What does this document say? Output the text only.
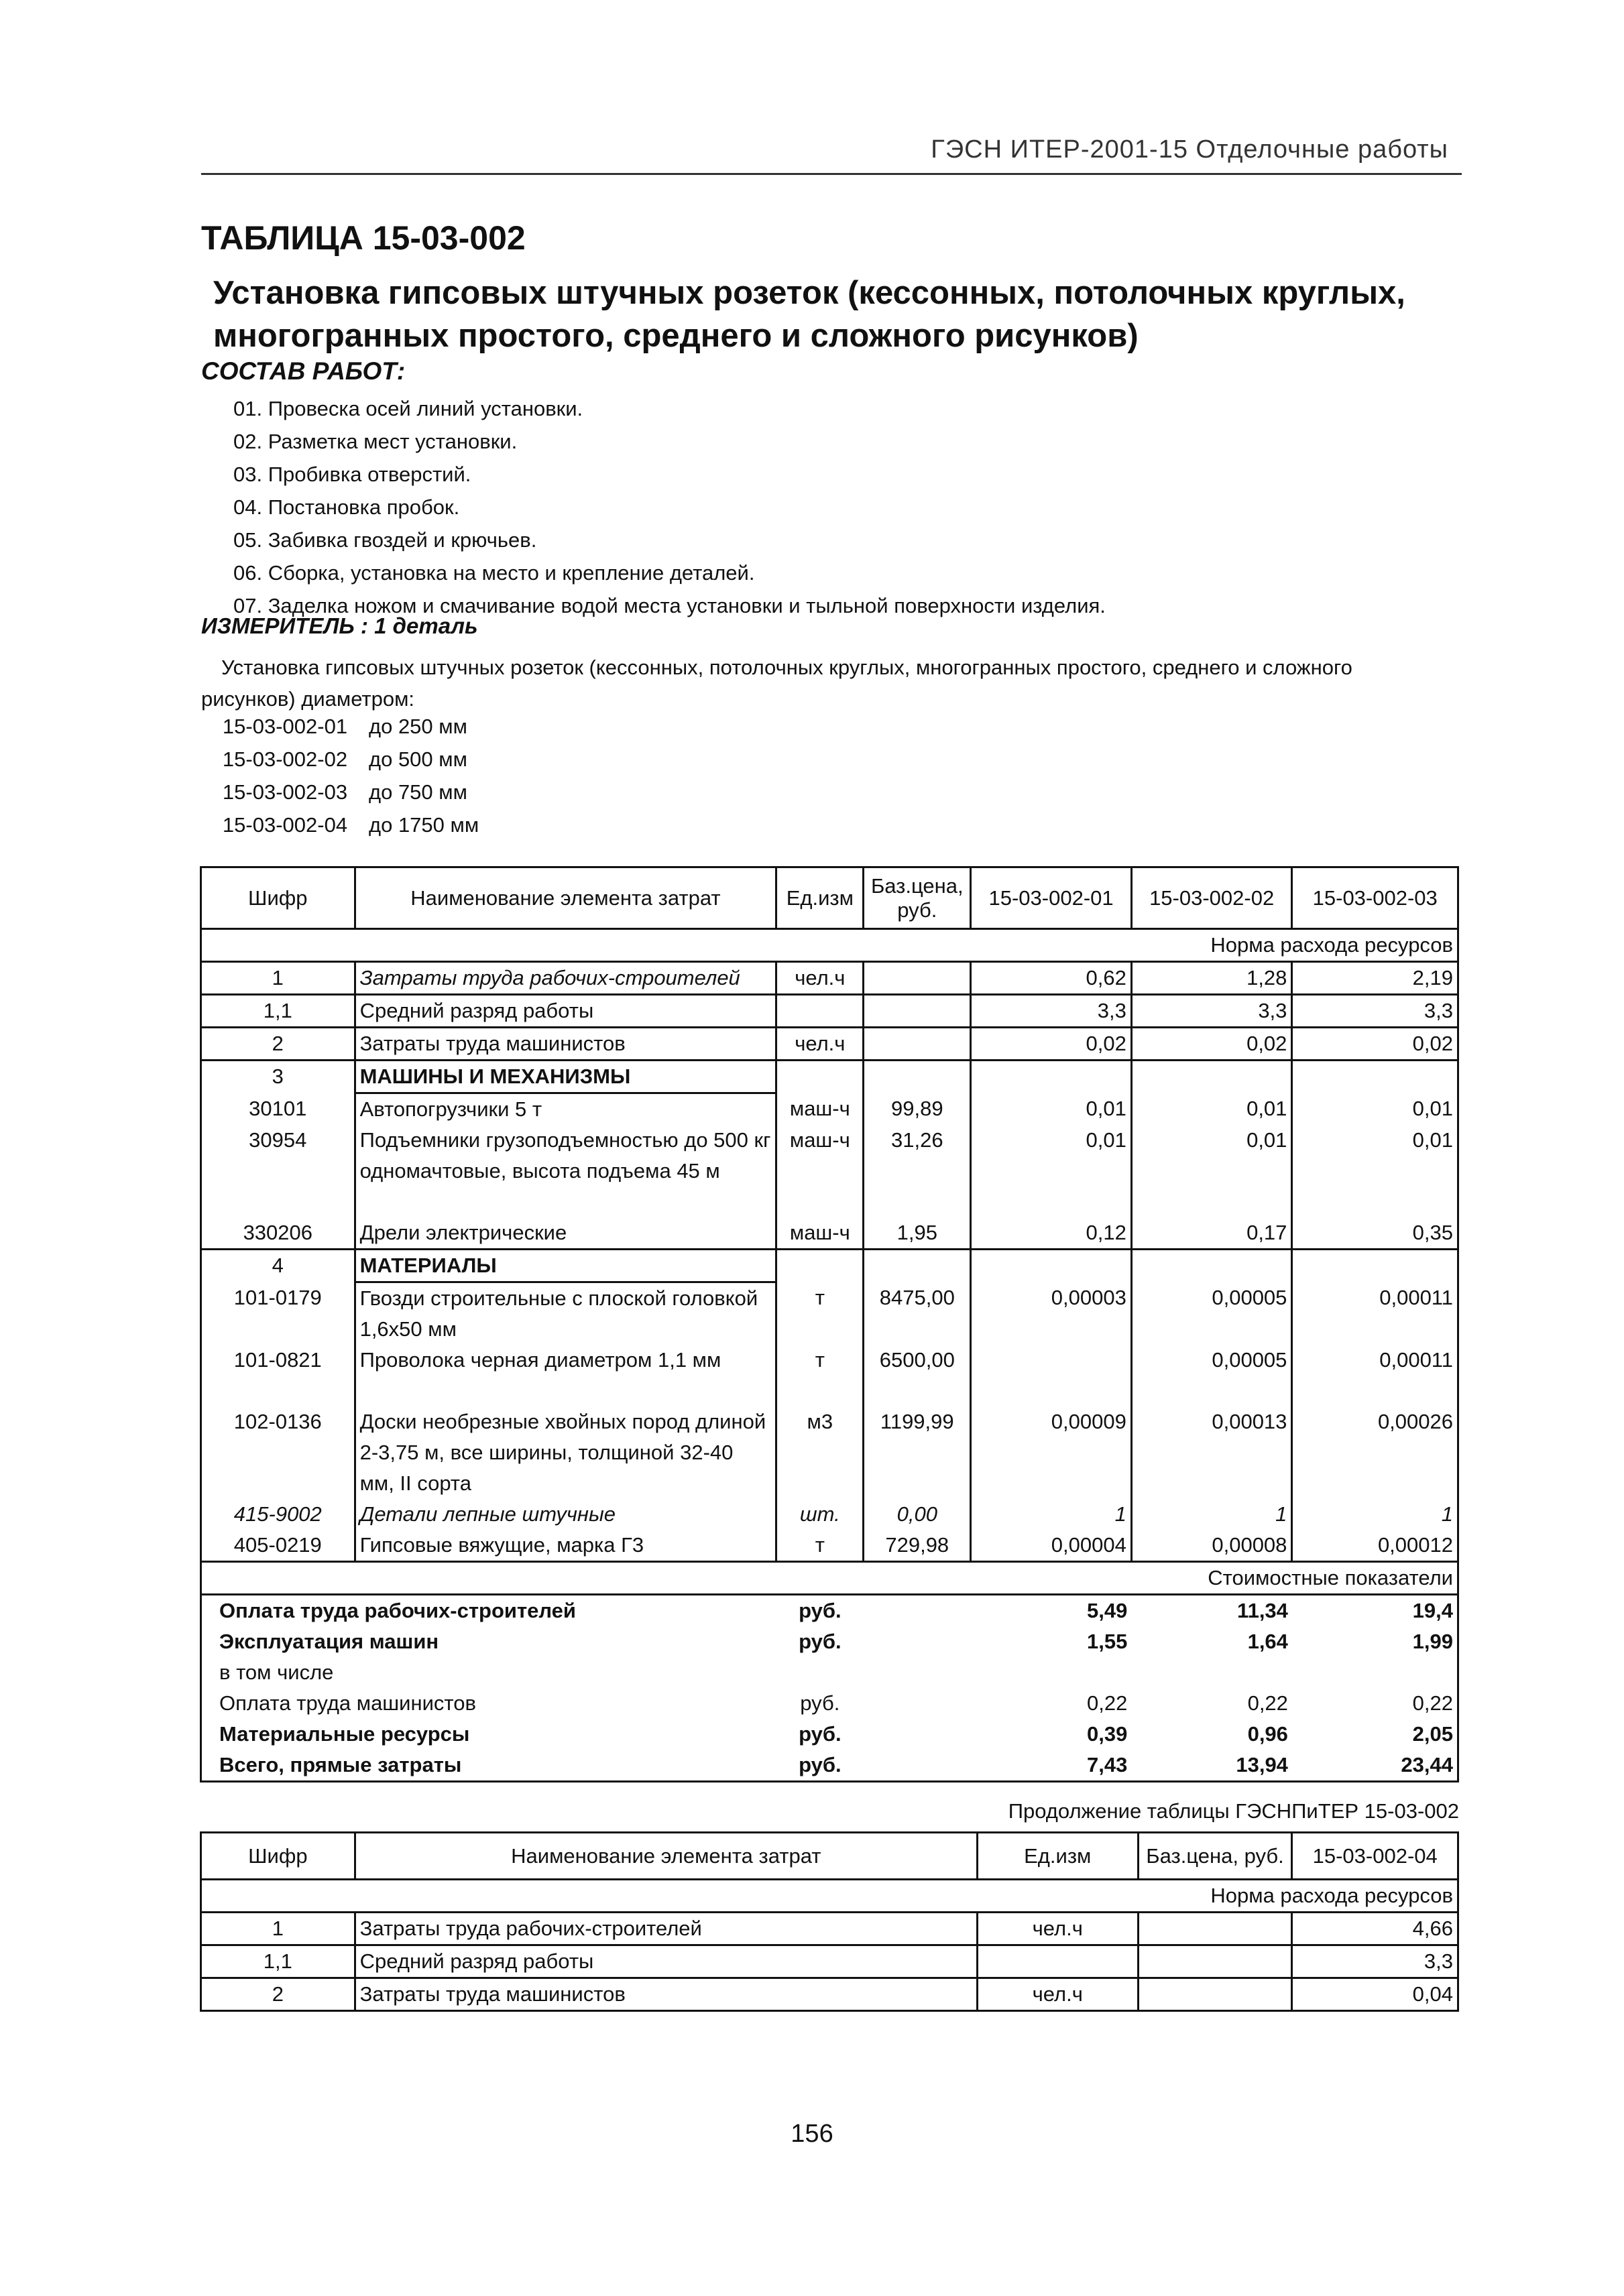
ГЭСН ИТЕР-2001-15 Отделочные работы
ТАБЛИЦА 15-03-002
Установка гипсовых штучных розеток (кессонных, потолочных круглых, многогранных простого, среднего и сложного рисунков)
СОСТАВ РАБОТ:
01. Провеска осей линий установки.
02. Разметка мест установки.
03. Пробивка отверстий.
04. Постановка пробок.
05. Забивка гвоздей и крючьев.
06. Сборка, установка на место и крепление деталей.
07. Заделка ножом и смачивание водой места установки и тыльной поверхности изделия.
ИЗМЕРИТЕЛЬ : 1 деталь
Установка гипсовых штучных розеток (кессонных, потолочных круглых, многогранных простого, среднего и сложного рисунков) диаметром:
15-03-002-01 до 250 мм
15-03-002-02 до 500 мм
15-03-002-03 до 750 мм
15-03-002-04 до 1750 мм
Шифр	Наименование элемента затрат	Ед.изм	Баз.цена, руб.	15-03-002-01	15-03-002-02	15-03-002-03
Норма расхода ресурсов						
1	Затраты труда рабочих-строителей	чел.ч		0,62	1,28	2,19
1,1	Средний разряд работы			3,3	3,3	3,3
2	Затраты труда машинистов	чел.ч		0,02	0,02	0,02
3	МАШИНЫ И МЕХАНИЗМЫ					
30101	Автопогрузчики 5 т	маш-ч	99,89	0,01	0,01	0,01
30954	Подъемники грузоподъемностью до 500 кг одномачтовые, высота подъема 45 м	маш-ч	31,26	0,01	0,01	0,01
330206	Дрели электрические	маш-ч	1,95	0,12	0,17	0,35
4	МАТЕРИАЛЫ					
101-0179	Гвозди строительные с плоской головкой 1,6х50 мм	т	8475,00	0,00003	0,00005	0,00011
101-0821	Проволока черная диаметром 1,1 мм	т	6500,00		0,00005	0,00011
102-0136	Доски необрезные хвойных пород длиной 2-3,75 м, все ширины, толщиной 32-40 мм, II сорта	м3	1199,99	0,00009	0,00013	0,00026
415-9002	Детали лепные штучные	шт.	0,00	1	1	1
405-0219	Гипсовые вяжущие, марка Г3	т	729,98	0,00004	0,00008	0,00012
Стоимостные показатели						
Оплата труда рабочих-строителей		руб.		5,49	11,34	19,4
Эксплуатация машин		руб.		1,55	1,64	1,99
в том числе						
Оплата труда машинистов		руб.		0,22	0,22	0,22
Материальные ресурсы		руб.		0,39	0,96	2,05
Всего, прямые затраты		руб.		7,43	13,94	23,44
Продолжение таблицы ГЭСНПиТЕР 15-03-002
Шифр	Наименование элемента затрат	Ед.изм	Баз.цена, руб.	15-03-002-04
Норма расхода ресурсов				
1	Затраты труда рабочих-строителей	чел.ч		4,66
1,1	Средний разряд работы			3,3
2	Затраты труда машинистов	чел.ч		0,04
156
